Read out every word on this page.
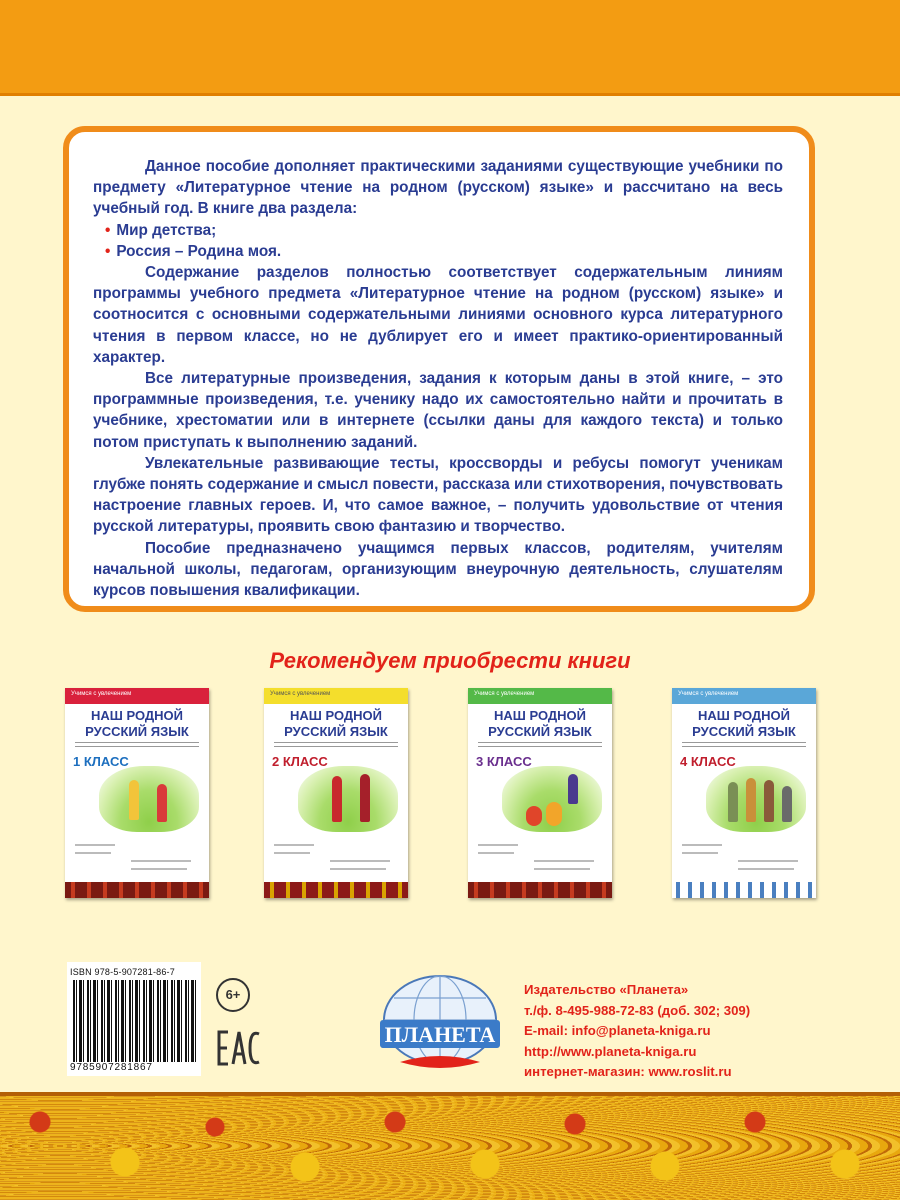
Данное пособие дополняет практическими заданиями существующие учебники по предмету «Литературное чтение на родном (русском) языке» и рассчитано на весь учебный год. В книге два раздела:

• Мир детства;
• Россия – Родина моя.

Содержание разделов полностью соответствует содержательным линиям программы учебного предмета «Литературное чтение на родном (русском) языке» и соотносится с основными содержательными линиями основного курса литературного чтения в первом классе, но не дублирует его и имеет практико-ориентированный характер.

Все литературные произведения, задания к которым даны в этой книге, – это программные произведения, т.е. ученику надо их самостоятельно найти и прочитать в учебнике, хрестоматии или в интернете (ссылки даны для каждого текста) и только потом приступать к выполнению заданий.

Увлекательные развивающие тесты, кроссворды и ребусы помогут ученикам глубже понять содержание и смысл повести, рассказа или стихотворения, почувствовать настроение главных героев. И, что самое важное, – получить удовольствие от чтения русской литературы, проявить свою фантазию и творчество.

Пособие предназначено учащимся первых классов, родителям, учителям начальной школы, педагогам, организующим внеурочную деятельность, слушателям курсов повышения квалификации.

Рекомендуем приобрести книги
Учимся с увлечением
НАШ РОДНОЙ
РУССКИЙ ЯЗЫК
1 КЛАСС
Учимся с увлечением
НАШ РОДНОЙ
РУССКИЙ ЯЗЫК
2 КЛАСС
Учимся с увлечением
НАШ РОДНОЙ
РУССКИЙ ЯЗЫК
3 КЛАСС
Учимся с увлечением
НАШ РОДНОЙ
РУССКИЙ ЯЗЫК
4 КЛАСС
ISBN 978-5-907281-86-7
9785907281867
6+
ПЛАНЕТА
Издательство «Планета»
т./ф. 8-495-988-72-83 (доб. 302; 309)
E-mail: info@planeta-kniga.ru
http://www.planeta-kniga.ru
интернет-магазин: www.roslit.ru
